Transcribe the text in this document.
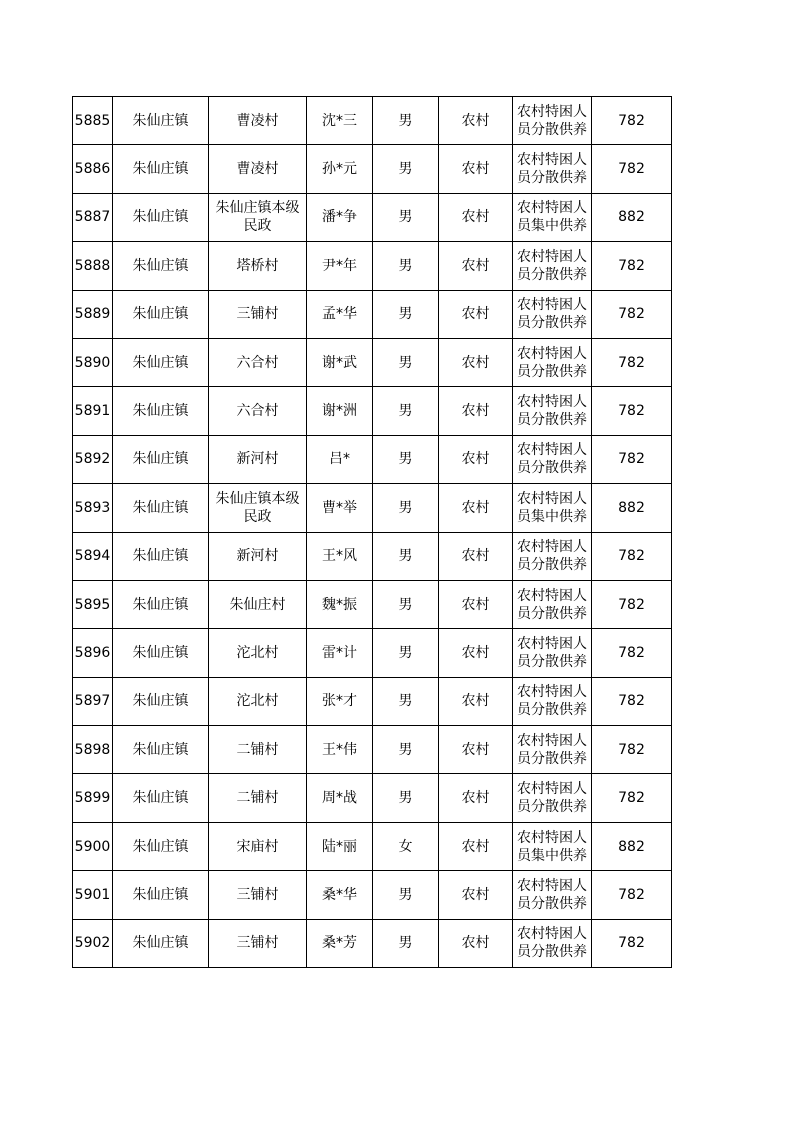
5885	朱仙庄镇	曹凌村	沈*三	男	农村	农村特困人员分散供养	782
5886	朱仙庄镇	曹凌村	孙*元	男	农村	农村特困人员分散供养	782
5887	朱仙庄镇	朱仙庄镇本级民政	潘*争	男	农村	农村特困人员集中供养	882
5888	朱仙庄镇	塔桥村	尹*年	男	农村	农村特困人员分散供养	782
5889	朱仙庄镇	三铺村	孟*华	男	农村	农村特困人员分散供养	782
5890	朱仙庄镇	六合村	谢*武	男	农村	农村特困人员分散供养	782
5891	朱仙庄镇	六合村	谢*洲	男	农村	农村特困人员分散供养	782
5892	朱仙庄镇	新河村	吕*	男	农村	农村特困人员分散供养	782
5893	朱仙庄镇	朱仙庄镇本级民政	曹*举	男	农村	农村特困人员集中供养	882
5894	朱仙庄镇	新河村	王*风	男	农村	农村特困人员分散供养	782
5895	朱仙庄镇	朱仙庄村	魏*振	男	农村	农村特困人员分散供养	782
5896	朱仙庄镇	沱北村	雷*计	男	农村	农村特困人员分散供养	782
5897	朱仙庄镇	沱北村	张*才	男	农村	农村特困人员分散供养	782
5898	朱仙庄镇	二铺村	王*伟	男	农村	农村特困人员分散供养	782
5899	朱仙庄镇	二铺村	周*战	男	农村	农村特困人员分散供养	782
5900	朱仙庄镇	宋庙村	陆*丽	女	农村	农村特困人员集中供养	882
5901	朱仙庄镇	三铺村	桑*华	男	农村	农村特困人员分散供养	782
5902	朱仙庄镇	三铺村	桑*芳	男	农村	农村特困人员分散供养	782
